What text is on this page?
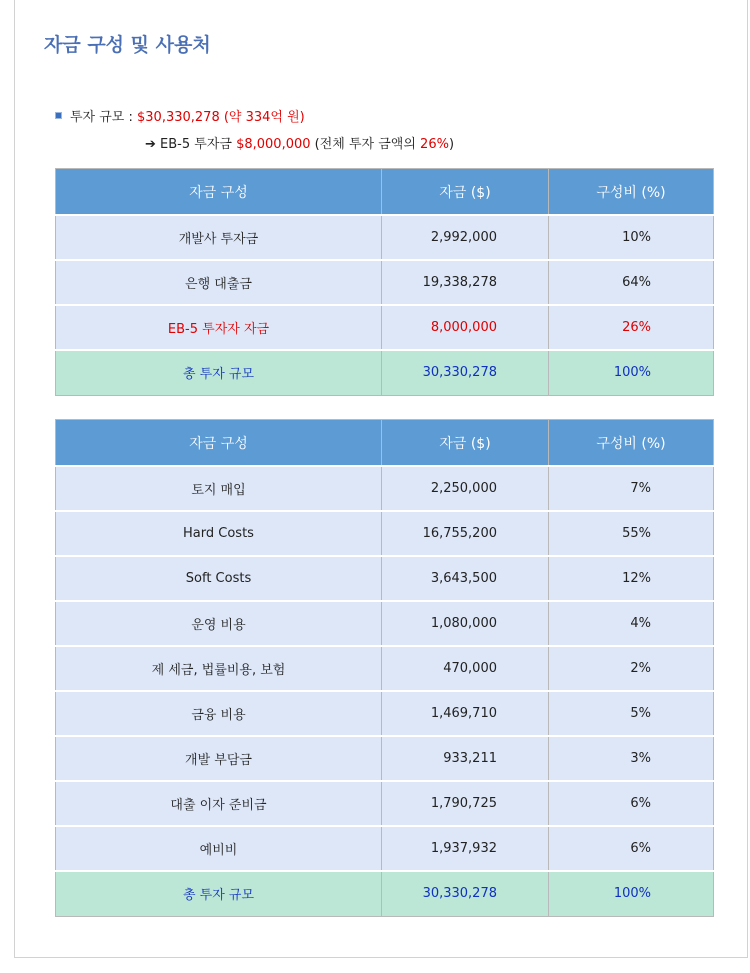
자금 구성 및 사용처
투자 규모 : $30,330,278 (약 334억 원)
➔ EB-5 투자금 $8,000,000 (전체 투자 금액의 26%)
자금 구성	자금 ($)	구성비 (%)
개발사 투자금	2,992,000	10%
은행 대출금	19,338,278	64%
EB-5 투자자 자금	8,000,000	26%
총 투자 규모	30,330,278	100%
자금 구성	자금 ($)	구성비 (%)
토지 매입	2,250,000	7%
Hard Costs	16,755,200	55%
Soft Costs	3,643,500	12%
운영 비용	1,080,000	4%
제 세금, 법률비용, 보험	470,000	2%
금융 비용	1,469,710	5%
개발 부담금	933,211	3%
대출 이자 준비금	1,790,725	6%
예비비	1,937,932	6%
총 투자 규모	30,330,278	100%
